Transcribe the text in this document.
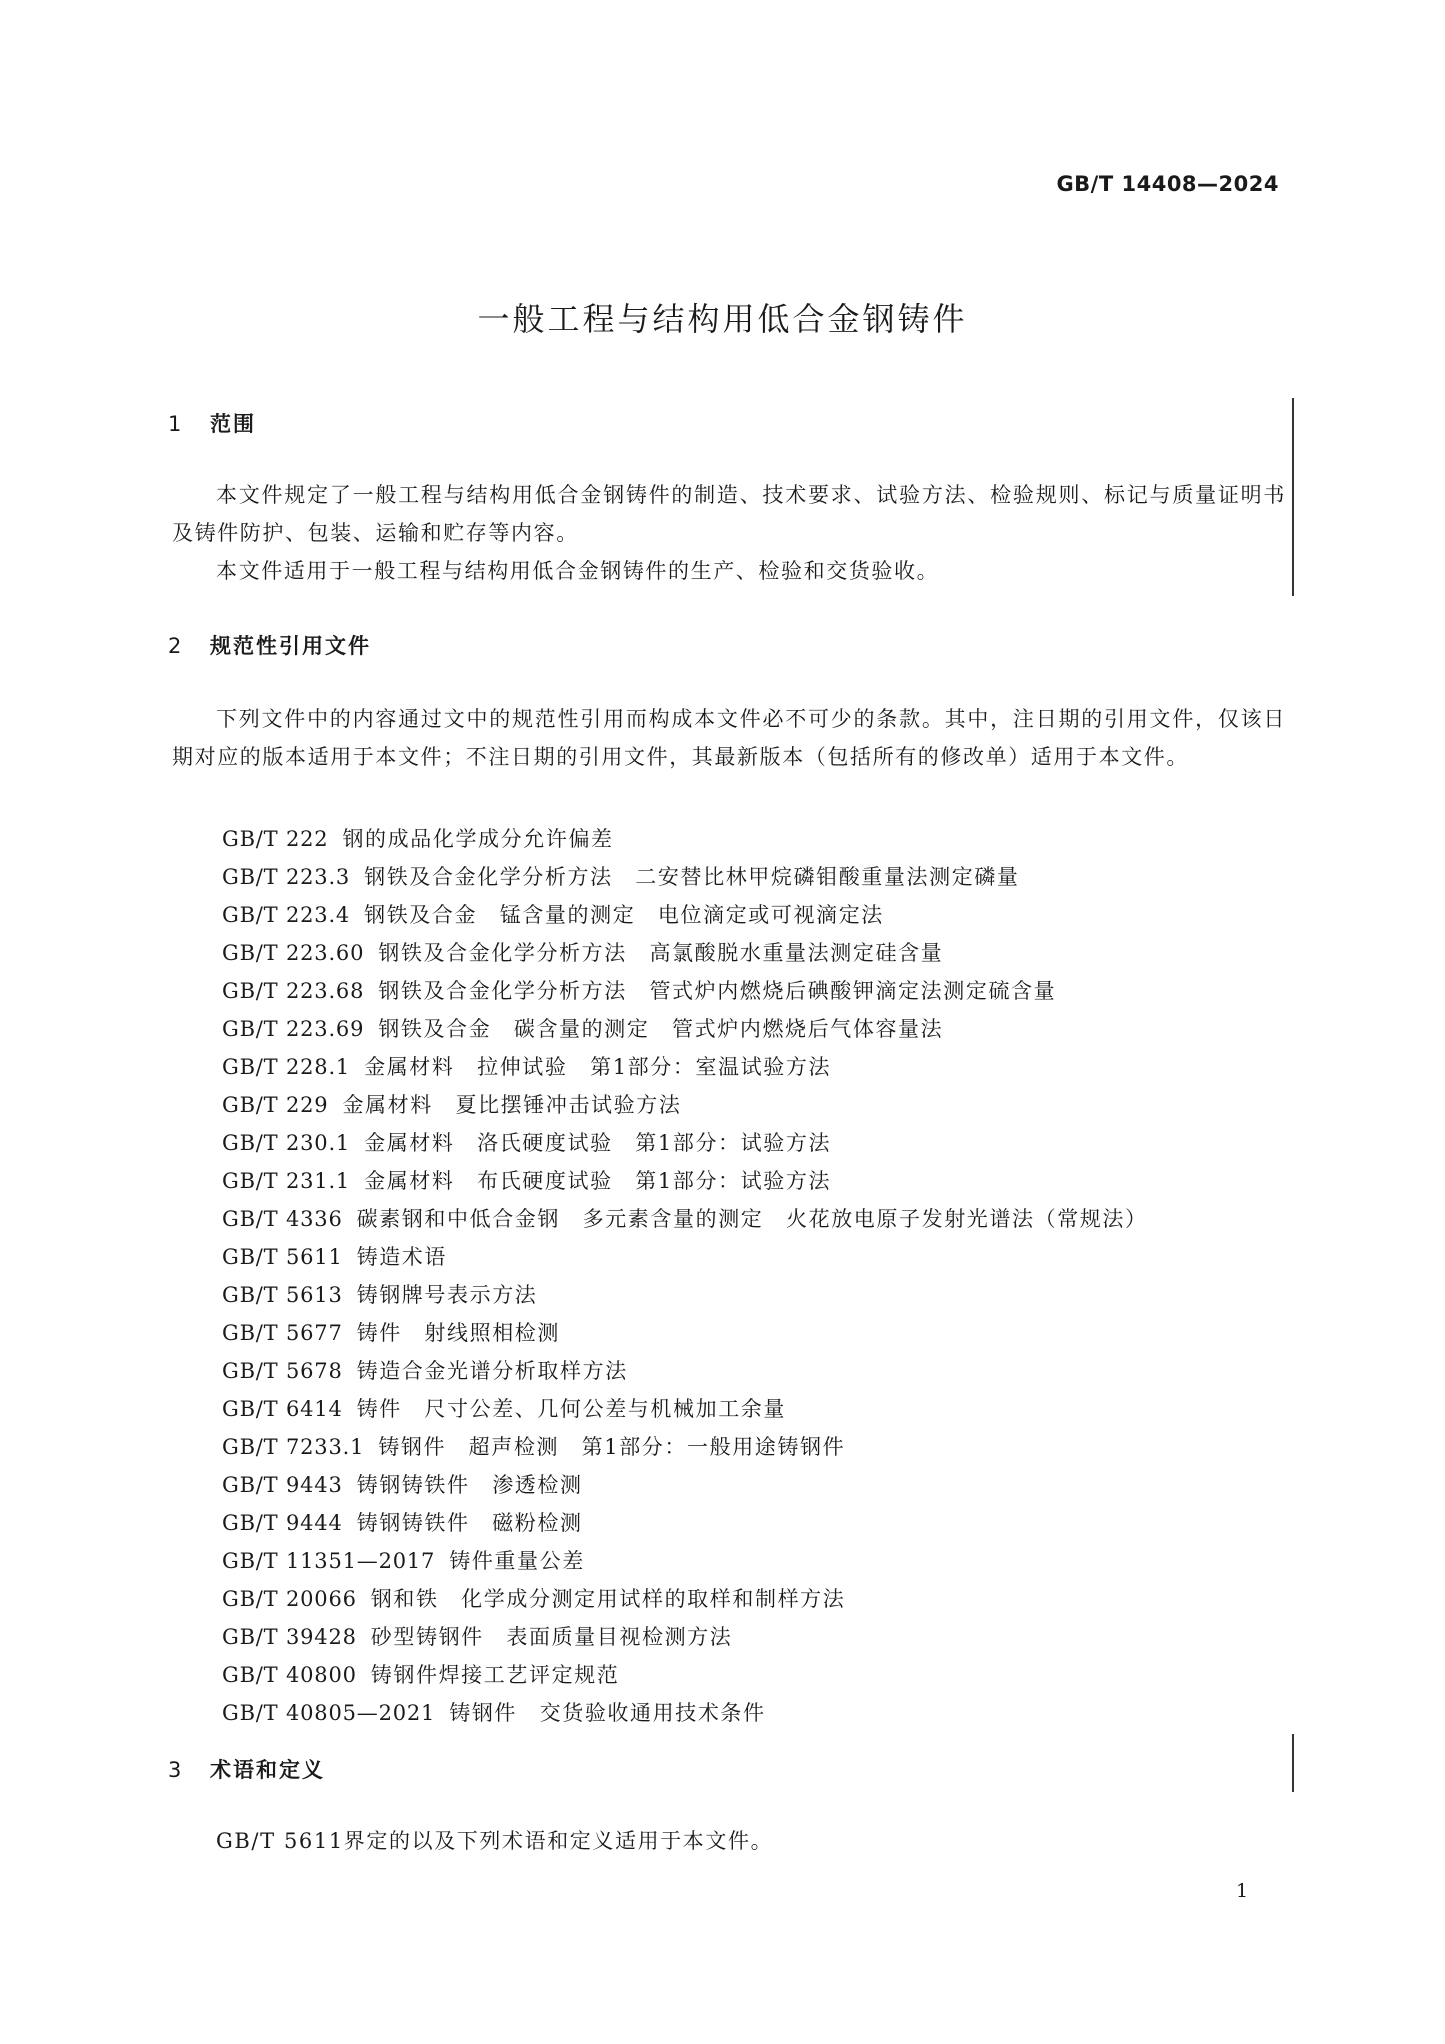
GB/T 14408—2024
一般工程与结构用低合金钢铸件
1 范围

本文件规定了一般工程与结构用低合金钢铸件的制造、技术要求、试验方法、检验规则、标记与质量证明书及铸件防护、包装、运输和贮存等内容。

本文件适用于一般工程与结构用低合金钢铸件的生产、检验和交货验收。

2 规范性引用文件

下列文件中的内容通过文中的规范性引用而构成本文件必不可少的条款。其中，注日期的引用文件，仅该日期对应的版本适用于本文件；不注日期的引用文件，其最新版本（包括所有的修改单）适用于本文件。

GB/T 222 钢的成品化学成分允许偏差
GB/T 223.3 钢铁及合金化学分析方法　二安替比林甲烷磷钼酸重量法测定磷量
GB/T 223.4 钢铁及合金　锰含量的测定　电位滴定或可视滴定法
GB/T 223.60 钢铁及合金化学分析方法　高氯酸脱水重量法测定硅含量
GB/T 223.68 钢铁及合金化学分析方法　管式炉内燃烧后碘酸钾滴定法测定硫含量
GB/T 223.69 钢铁及合金　碳含量的测定　管式炉内燃烧后气体容量法
GB/T 228.1 金属材料　拉伸试验　第1部分：室温试验方法
GB/T 229 金属材料　夏比摆锤冲击试验方法
GB/T 230.1 金属材料　洛氏硬度试验　第1部分：试验方法
GB/T 231.1 金属材料　布氏硬度试验　第1部分：试验方法
GB/T 4336 碳素钢和中低合金钢　多元素含量的测定　火花放电原子发射光谱法（常规法）
GB/T 5611 铸造术语
GB/T 5613 铸钢牌号表示方法
GB/T 5677 铸件　射线照相检测
GB/T 5678 铸造合金光谱分析取样方法
GB/T 6414 铸件　尺寸公差、几何公差与机械加工余量
GB/T 7233.1 铸钢件　超声检测　第1部分：一般用途铸钢件
GB/T 9443 铸钢铸铁件　渗透检测
GB/T 9444 铸钢铸铁件　磁粉检测
GB/T 11351—2017 铸件重量公差
GB/T 20066 钢和铁　化学成分测定用试样的取样和制样方法
GB/T 39428 砂型铸钢件　表面质量目视检测方法
GB/T 40800 铸钢件焊接工艺评定规范
GB/T 40805—2021 铸钢件　交货验收通用技术条件
3 术语和定义

GB/T 5611界定的以及下列术语和定义适用于本文件。

1
